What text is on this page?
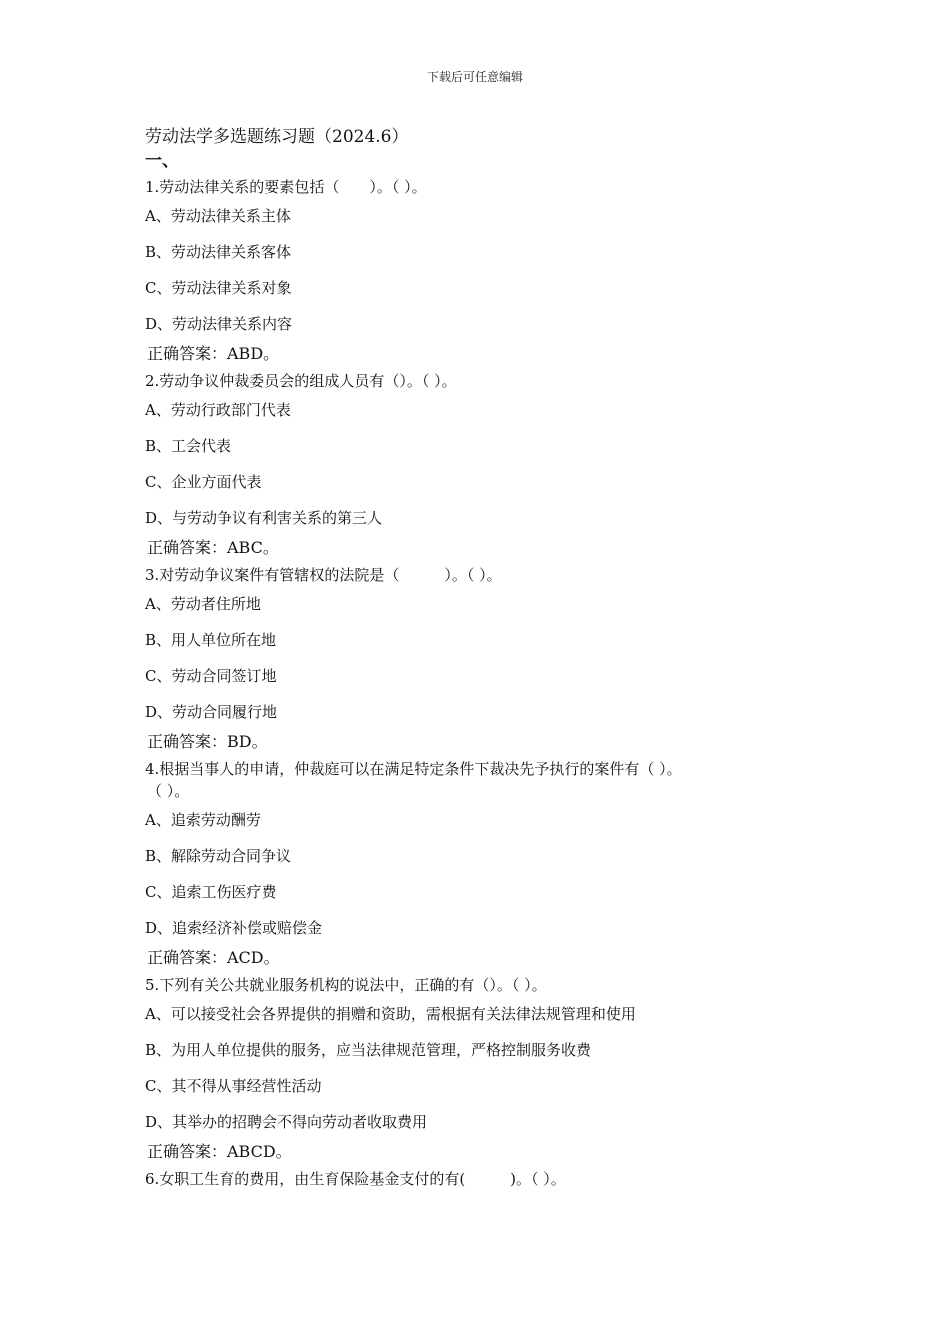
下载后可任意编辑
劳动法学多选题练习题（2024.6）
一、
1.劳动法律关系的要素包括（　　）。（ ）。
A、劳动法律关系主体
B、劳动法律关系客体
C、劳动法律关系对象
D、劳动法律关系内容
正确答案：ABD。
2.劳动争议仲裁委员会的组成人员有（）。（ ）。
A、劳动行政部门代表
B、工会代表
C、企业方面代表
D、与劳动争议有利害关系的第三人
正确答案：ABC。
3.对劳动争议案件有管辖权的法院是（　　　）。（ ）。
A、劳动者住所地
B、用人单位所在地
C、劳动合同签订地
D、劳动合同履行地
正确答案：BD。
4.根据当事人的申请，仲裁庭可以在满足特定条件下裁决先予执行的案件有（ ）。
（ ）。
A、追索劳动酬劳
B、解除劳动合同争议
C、追索工伤医疗费
D、追索经济补偿或赔偿金
正确答案：ACD。
5.下列有关公共就业服务机构的说法中，正确的有（）。（ ）。
A、可以接受社会各界提供的捐赠和资助，需根据有关法律法规管理和使用
B、为用人单位提供的服务，应当法律规范管理，严格控制服务收费
C、其不得从事经营性活动
D、其举办的招聘会不得向劳动者收取费用
正确答案：ABCD。
6.女职工生育的费用，由生育保险基金支付的有(　　　)。（ ）。
